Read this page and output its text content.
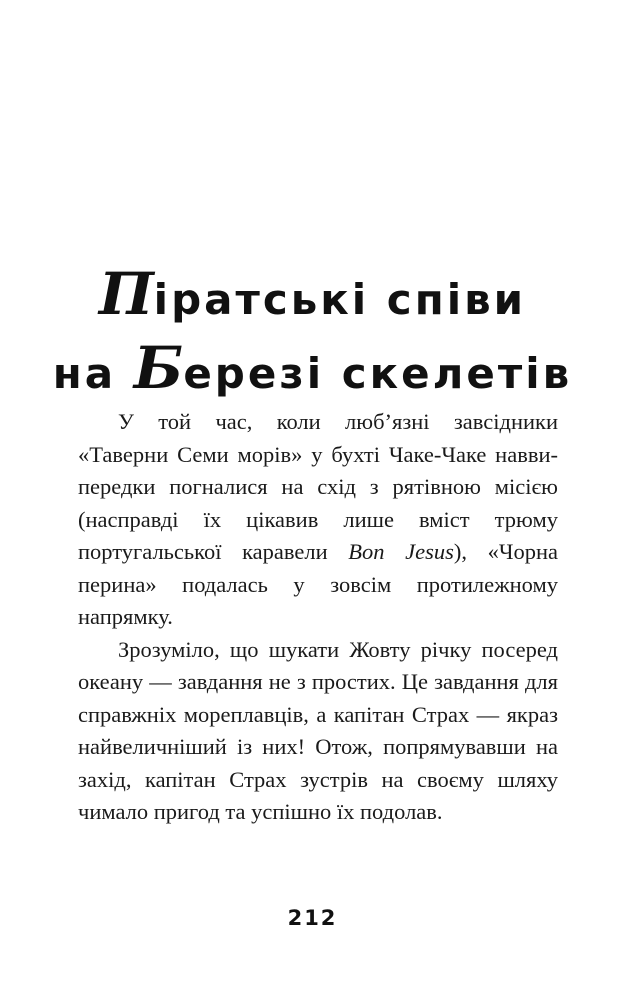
Піратські співи
на Березі скелетів

У той час, коли люб’язні завсідники «Таверни Семи морів» у бухті Чаке-Чаке наввипередки погналися на схід з рятівною місією (насправді їх цікавив лише вміст трюму португальської каравели Bon Jesus), «Чорна перина» подалась у зовсім протилежному напрямку.

Зрозуміло, що шукати Жовту річку посеред океану — завдання не з простих. Це завдання для справжніх мореплавців, а капітан Страх — якраз найвеличніший із них! Отож, попрямувавши на захід, капітан Страх зустрів на своєму шляху чимало пригод та успішно їх подолав.

212
